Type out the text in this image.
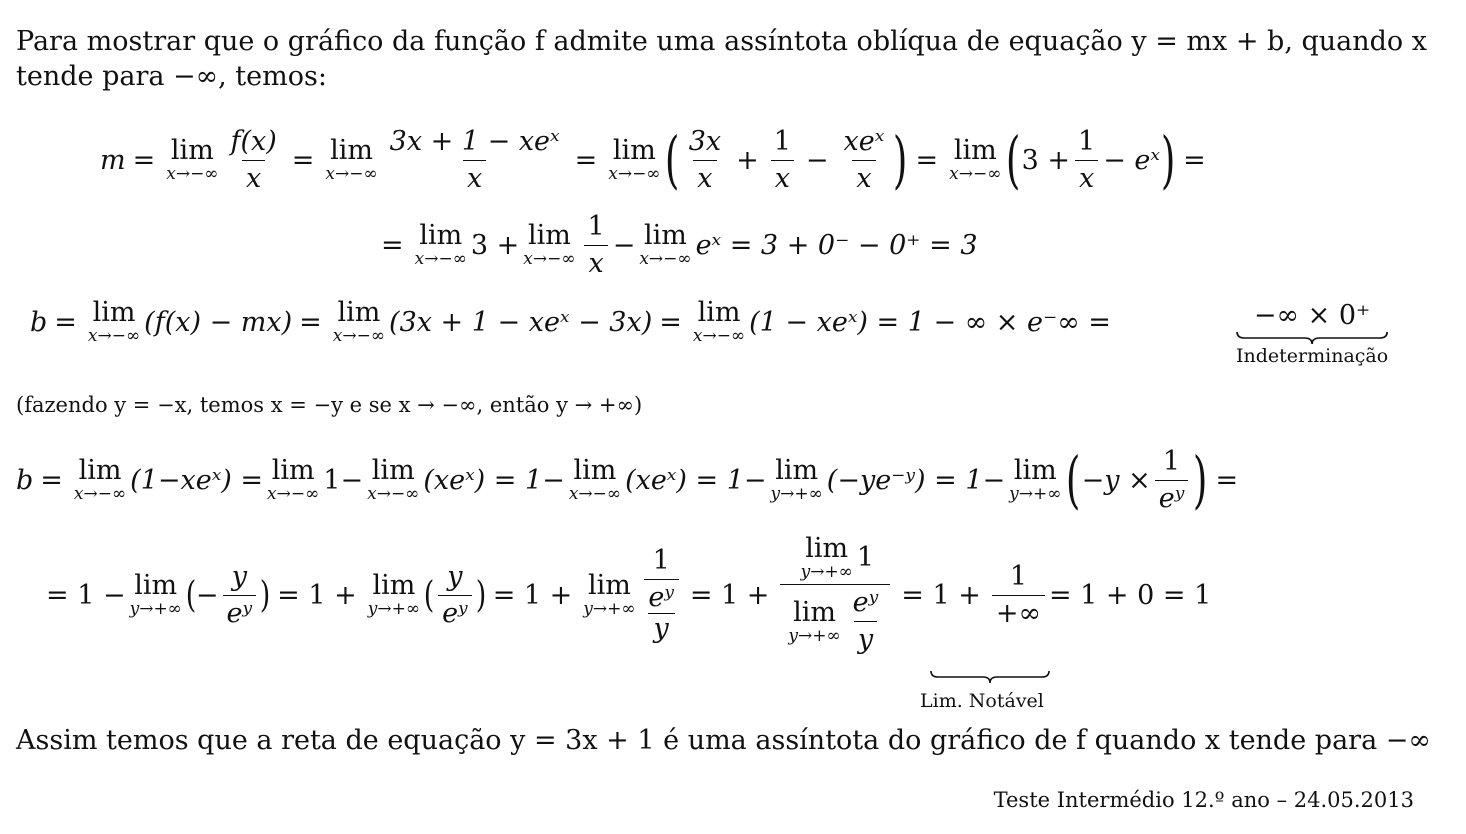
Para mostrar que o gráfico da função f admite uma assíntota oblíqua de equação y = mx + b, quando x
tende para −∞, temos:
m = lim
$x\to-\infty \frac{f(x)}{x} = \lim$
$x\to-\infty \frac{\text{3x + 1 − xeˣ}}{x} = \lim$
x→−∞ ( $\frac{3x}{x} + \frac{1}{x} - \frac{\text{xeˣ}}{x}$ ) = lim
x→−∞ ( $3 + \frac{1}{x}$ − eˣ ) =
= lim
x→−∞ 3 + lim
$x\to-\infty \frac{1}{x} - \lim$
x→−∞ eˣ = 3 + 0⁻ − 0⁺ = 3
b = lim
x→−∞ (f(x) − mx) = lim
x→−∞ (3x + 1 − xeˣ − 3x) = lim
x→−∞ (1 − xeˣ) = 1 − ∞ × e⁻∞ =	−∞ × 0⁺
Indeterminação
(fazendo y = −x, temos x = −y e se x → −∞, então y → +∞)
b = lim
x→−∞ (1−xeˣ) = lim
x→−∞ 1− lim
x→−∞ (xeˣ) = 1− lim
x→−∞ (xeˣ) = 1− lim
y→+∞ (−ye⁻ʸ) = 1− lim
y→+∞ ( $-y \times \frac{1}{\text{eʸ}}$ ) =
= 1 − lim
y→+∞ ( − $\frac{y}{\text{eʸ}}$ ) = 1 + lim
y→+∞ ( $\frac{y}{\text{eʸ}}$ ) = 1 + lim
y→+∞ 1
eʸ
y = 1 + lim
y→+∞ 1
lim
$y\to+\infty \frac{\text{eʸ}}{y} = 1 + \frac{1}{+\infty} = 1 + 0 = 1$
Lim. Notável
Assim temos que a reta de equação y = 3x + 1 é uma assíntota do gráfico de f quando x tende para −∞
Teste Intermédio 12.º ano – 24.05.2013
